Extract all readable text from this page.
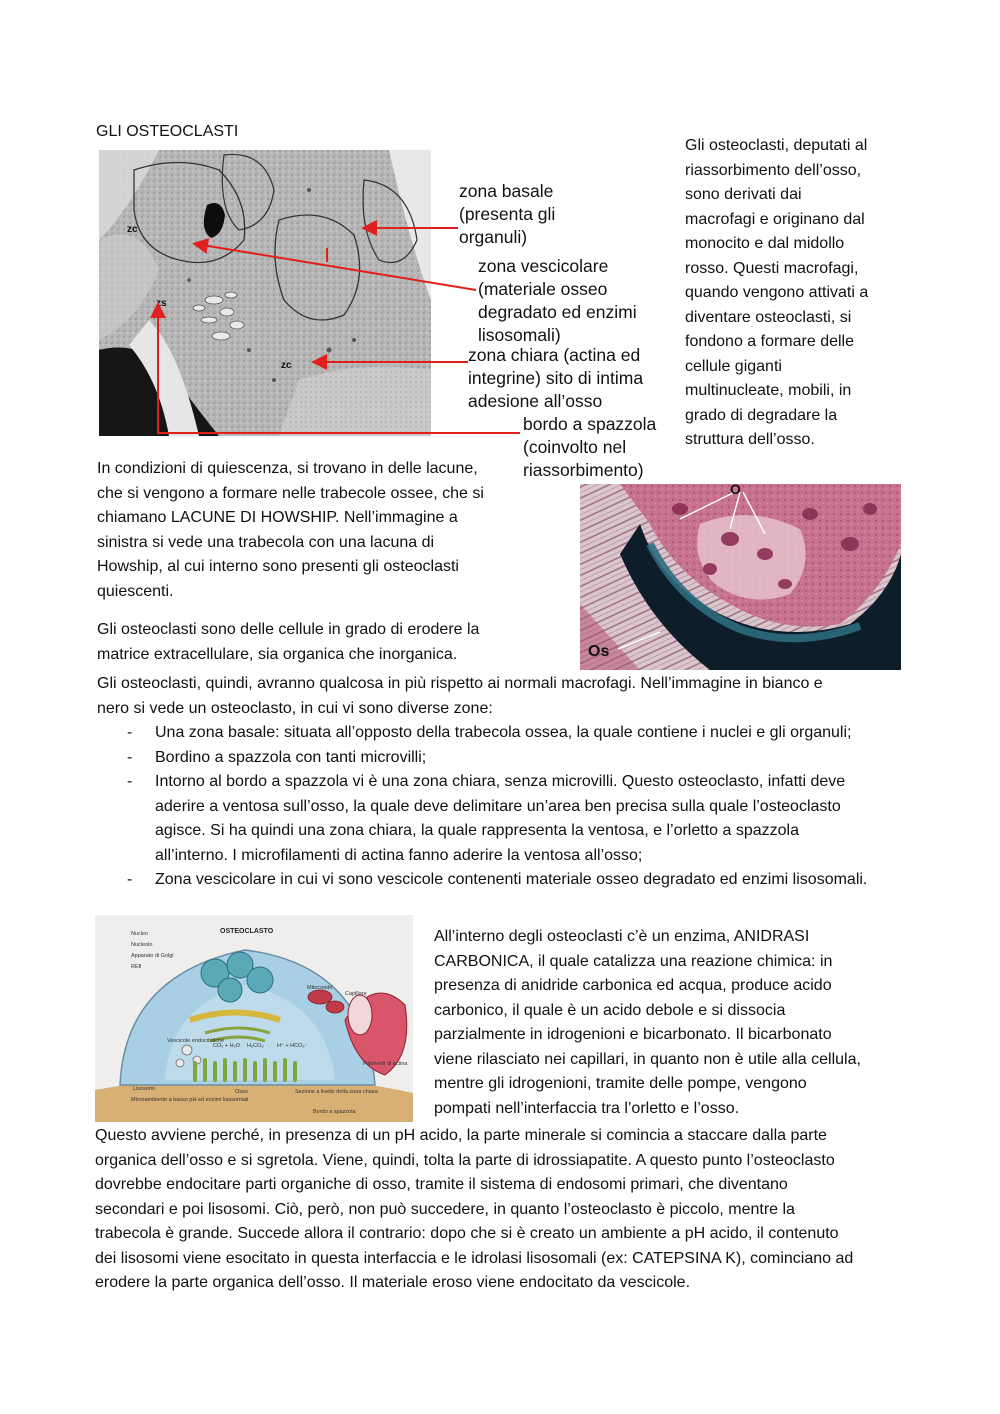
GLI OSTEOCLASTI
zc
zs
zc
zona basale
(presenta gli
organuli)
zona vescicolare
(materiale osseo
degradato ed enzimi
lisosomali)
zona chiara (actina ed
integrine) sito di intima
adesione all’osso
bordo a spazzola
(coinvolto nel
riassorbimento)
Gli osteoclasti, deputati al
riassorbimento dell’osso,
sono derivati dai
macrofagi e originano dal
monocito e dal midollo
rosso. Questi macrofagi,
quando vengono attivati a
diventare osteoclasti, si
fondono a formare delle
cellule giganti
multinucleate, mobili, in
grado di degradare la
struttura dell’osso.
In condizioni di quiescenza, si trovano in delle lacune,
che si vengono a formare nelle trabecole ossee, che si
chiamano LACUNE DI HOWSHIP. Nell’immagine a
sinistra si vede una trabecola con una lacuna di
Howship, al cui interno sono presenti gli osteoclasti
quiescenti.
Gli osteoclasti sono delle cellule in grado di erodere la
matrice extracellulare, sia organica che inorganica.
O
Os
Gli osteoclasti, quindi, avranno qualcosa in più rispetto ai normali macrofagi. Nell’immagine in bianco e
nero si vede un osteoclasto, in cui vi sono diverse zone:
- Una zona basale: situata all’opposto della trabecola ossea, la quale contiene i nuclei e gli organuli;
- Bordino a spazzola con tanti microvilli;
- Intorno al bordo a spazzola vi è una zona chiara, senza microvilli. Questo osteoclasto, infatti deve
aderire a ventosa sull’osso, la quale deve delimitare un’area ben precisa sulla quale l’osteoclasto
agisce. Si ha quindi una zona chiara, la quale rappresenta la ventosa, e l’orletto a spazzola
all’interno. I microfilamenti di actina fanno aderire la ventosa all’osso;
- Zona vescicolare in cui vi sono vescicole contenenti materiale osseo degradato ed enzimi lisosomali.
OSTEOCLASTO
Nucleo
Nucleolo
Apparato di Golgi
REfl
Mitocondri
Vescicole endocitotiche
CO₂ + H₂O H₂CO₃ H⁺ + HCO₃⁻
Capillare
Filamenti di actina
Lisosomi
Microambiente a basso pH ed enzimi lisosomiali
Osso	Sezione a livello della zona chiara
Bordo a spazzola
All’interno degli osteoclasti c’è un enzima, ANIDRASI
CARBONICA, il quale catalizza una reazione chimica: in
presenza di anidride carbonica ed acqua, produce acido
carbonico, il quale è un acido debole e si dissocia
parzialmente in idrogenioni e bicarbonato. Il bicarbonato
viene rilasciato nei capillari, in quanto non è utile alla cellula,
mentre gli idrogenioni, tramite delle pompe, vengono
pompati nell’interfaccia tra l’orletto e l’osso.
Questo avviene perché, in presenza di un pH acido, la parte minerale si comincia a staccare dalla parte
organica dell’osso e si sgretola. Viene, quindi, tolta la parte di idrossiapatite. A questo punto l’osteoclasto
dovrebbe endocitare parti organiche di osso, tramite il sistema di endosomi primari, che diventano
secondari e poi lisosomi. Ciò, però, non può succedere, in quanto l’osteoclasto è piccolo, mentre la
trabecola è grande. Succede allora il contrario: dopo che si è creato un ambiente a pH acido, il contenuto
dei lisosomi viene esocitato in questa interfaccia e le idrolasi lisosomali (ex: CATEPSINA K), cominciano ad
erodere la parte organica dell’osso. Il materiale eroso viene endocitato da vescicole.
